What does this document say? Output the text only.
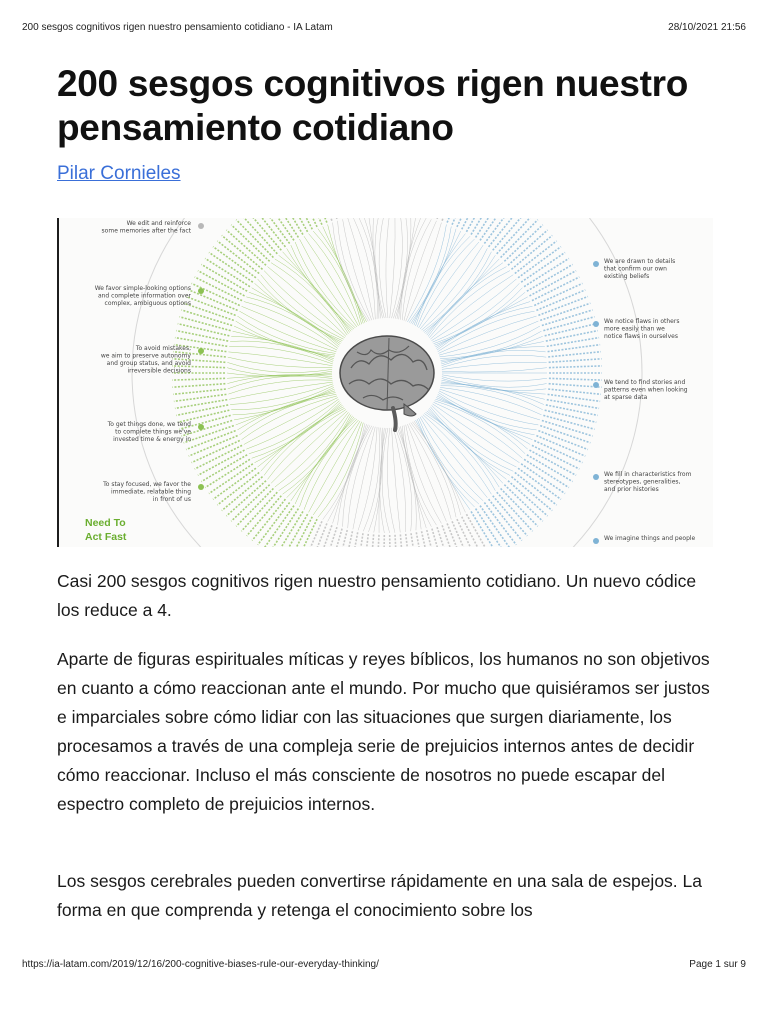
200 sesgos cognitivos rigen nuestro pensamiento cotidiano - IA Latam	28/10/2021 21:56
200 sesgos cognitivos rigen nuestro pensamiento cotidiano
Pilar Cornieles
We edit and reinforce some memories after the fact
We favor simple-looking options and complete information over complex, ambiguous options
To avoid mistakes, we aim to preserve autonomy and group status, and avoid irreversible decisions
To get things done, we tend to complete things we've invested time & energy in
To stay focused, we favor the immediate, relatable thing in front of us
We are drawn to details that confirm our own existing beliefs
We notice flaws in others more easily than we notice flaws in ourselves
We tend to find stories and patterns even when looking at sparse data
We fill in characteristics from stereotypes, generalities, and prior histories
We imagine things and people
Need To Act Fast

Casi 200 sesgos cognitivos rigen nuestro pensamiento cotidiano. Un nuevo códice los reduce a 4.

Aparte de figuras espirituales míticas y reyes bíblicos, los humanos no son objetivos en cuanto a cómo reaccionan ante el mundo. Por mucho que quisiéramos ser justos e imparciales sobre cómo lidiar con las situaciones que surgen diariamente, los procesamos a través de una compleja serie de prejuicios internos antes de decidir cómo reaccionar. Incluso el más consciente de nosotros no puede escapar del espectro completo de prejuicios internos.

Los sesgos cerebrales pueden convertirse rápidamente en una sala de espejos. La forma en que comprenda y retenga el conocimiento sobre los

https://ia-latam.com/2019/12/16/200-cognitive-biases-rule-our-everyday-thinking/	Page 1 sur 9
